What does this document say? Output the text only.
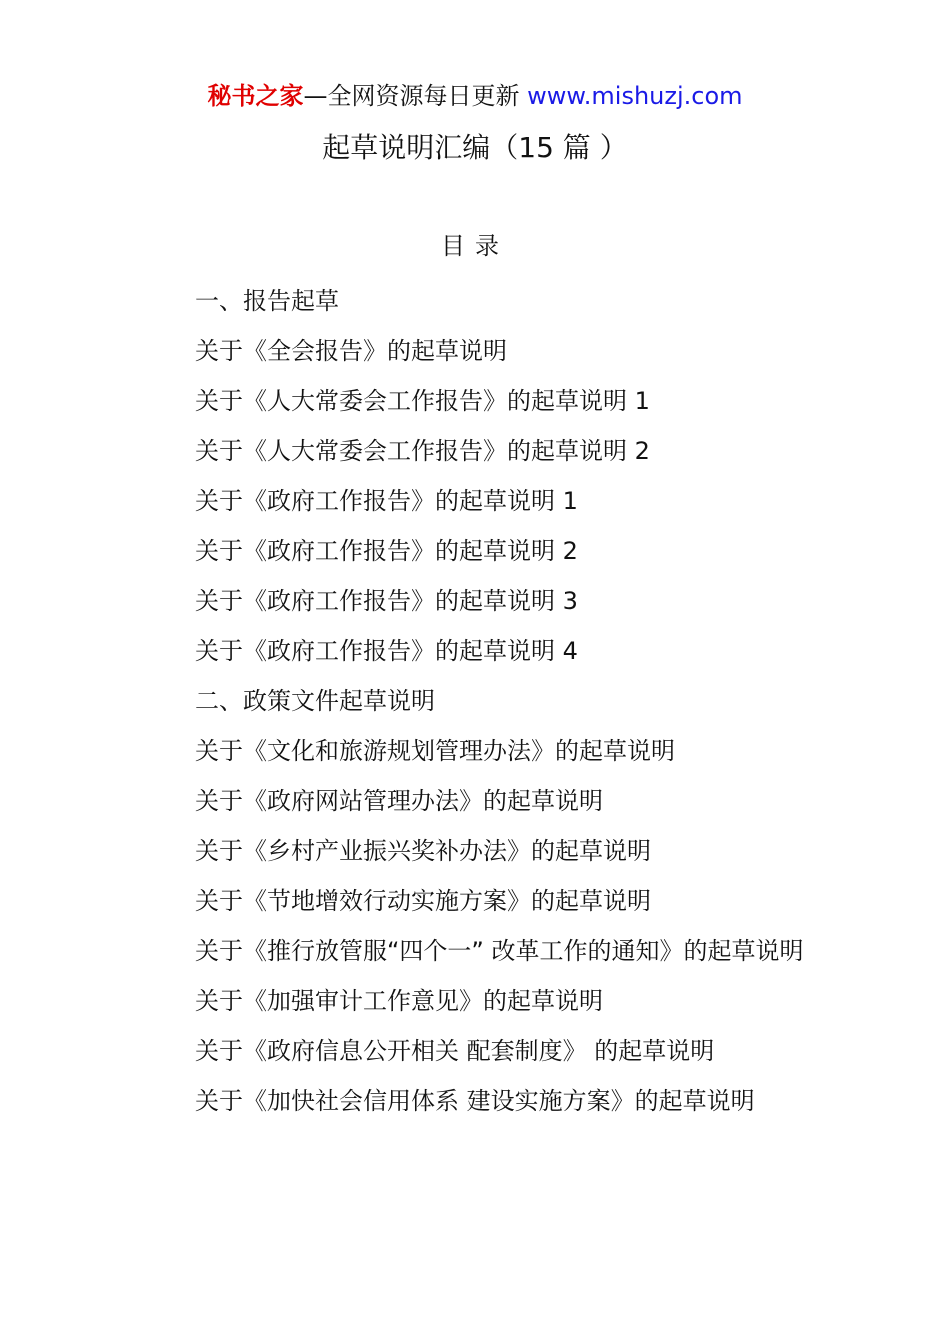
秘书之家—全网资源每日更新 www.mishuzj.com
起草说明汇编（15 篇 ）
目录
一、报告起草
关于《全会报告》的起草说明
关于《人大常委会工作报告》的起草说明 1
关于《人大常委会工作报告》的起草说明 2
关于《政府工作报告》的起草说明 1
关于《政府工作报告》的起草说明 2
关于《政府工作报告》的起草说明 3
关于《政府工作报告》的起草说明 4
二、政策文件起草说明
关于《文化和旅游规划管理办法》的起草说明
关于《政府网站管理办法》的起草说明
关于《乡村产业振兴奖补办法》的起草说明
关于《节地增效行动实施方案》的起草说明
关于《推行放管服“四个一” 改革工作的通知》的起草说明
关于《加强审计工作意见》的起草说明
关于《政府信息公开相关 配套制度》 的起草说明
关于《加快社会信用体系 建设实施方案》的起草说明
